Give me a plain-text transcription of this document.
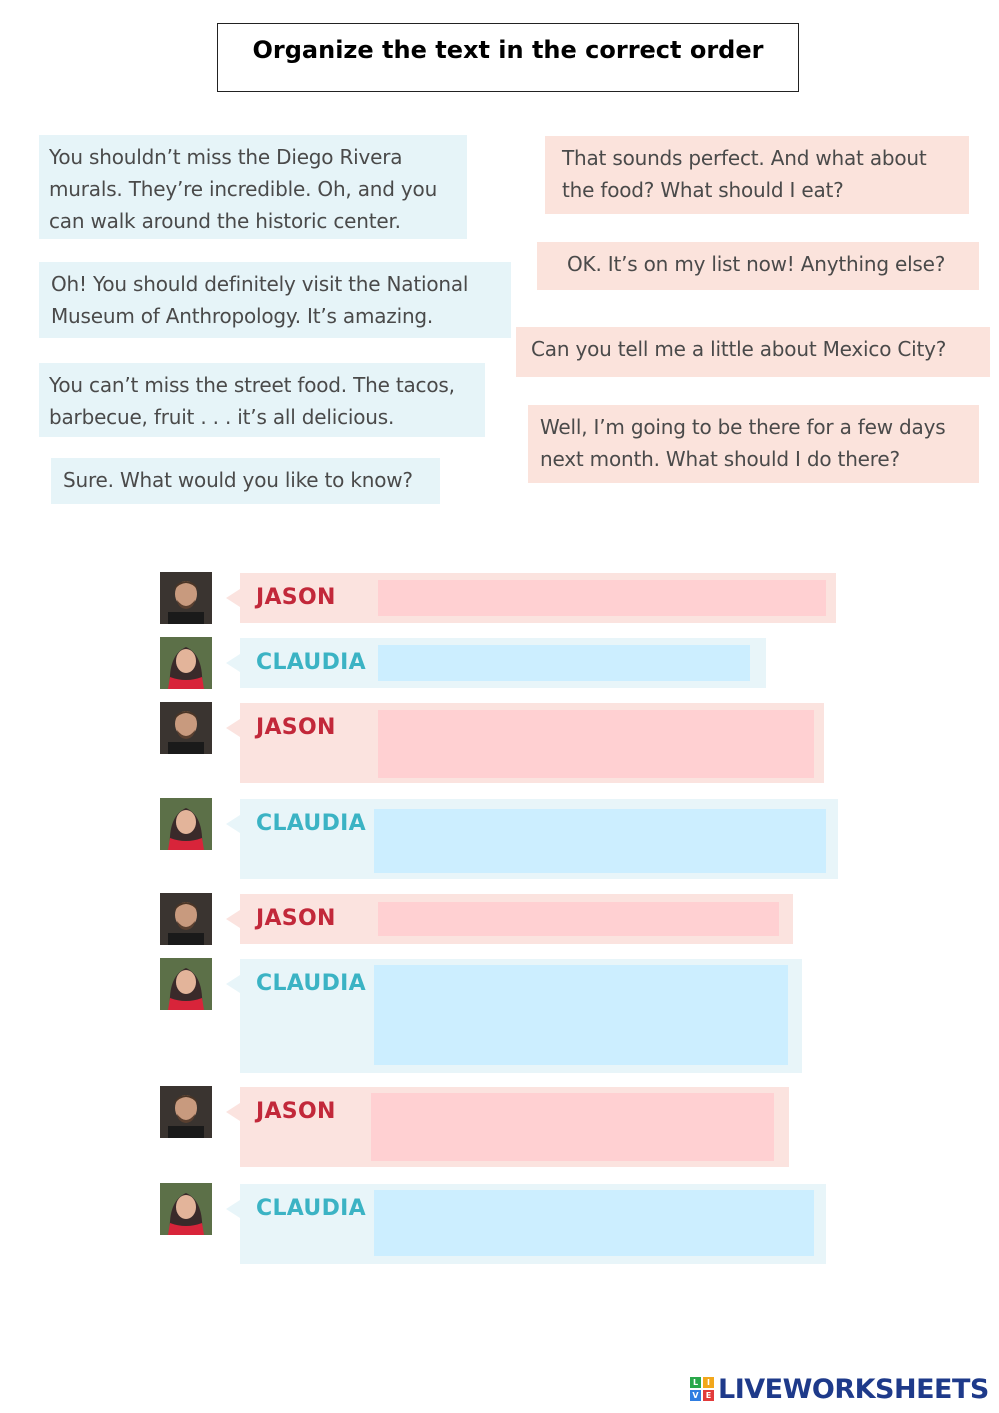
Organize the text in the correct order
You shouldn’t miss the Diego Rivera murals. They’re incredible. Oh, and you can walk around the historic center.
Oh! You should definitely visit the National Museum of Anthropology. It’s amazing.
You can’t miss the street food. The tacos, barbecue, fruit . . . it’s all delicious.
Sure. What would you like to know?
That sounds perfect. And what about the food? What should I eat?
OK. It’s on my list now! Anything else?
Can you tell me a little about Mexico City?
Well, I’m going to be there for a few days next month. What should I do there?
JASON
CLAUDIA
JASON
CLAUDIA
JASON
CLAUDIA
JASON
CLAUDIA
L	I
V E LIVEWORKSHEETS
